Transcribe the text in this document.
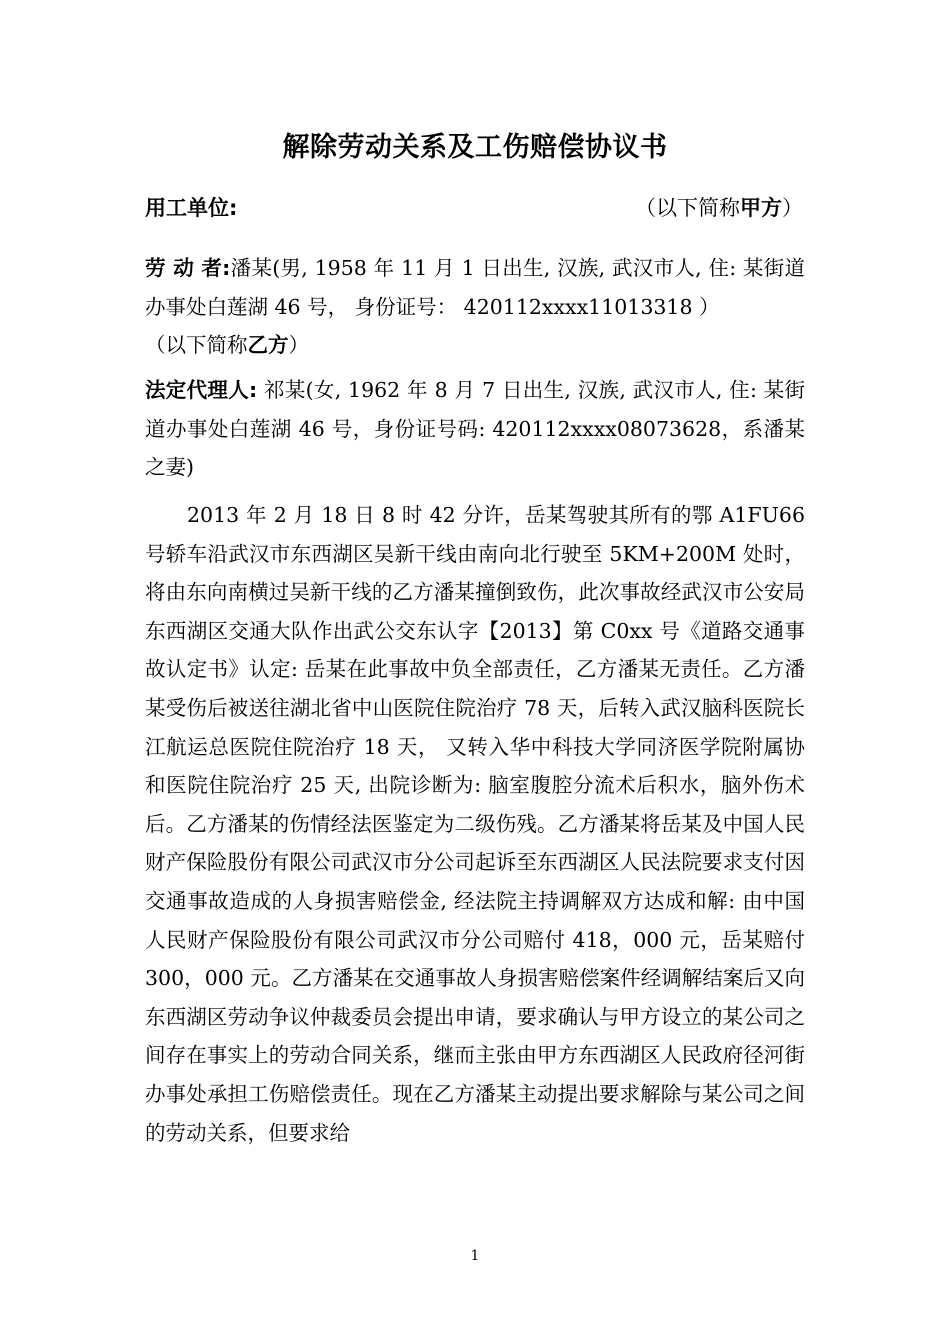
解除劳动关系及工伤赔偿协议书
用工单位:	（以下简称甲方）
劳 动 者:潘某(男, 1958 年 11 月 1 日出生, 汉族, 武汉市人, 住: 某街道办事处白莲湖 46 号， 身份证号： 420112xxxx11013318 ）
（以下简称乙方）
法定代理人: 祁某(女, 1962 年 8 月 7 日出生, 汉族, 武汉市人, 住: 某街道办事处白莲湖 46 号，身份证号码: 420112xxxx08073628，系潘某之妻)
2013 年 2 月 18 日 8 时 42 分许，岳某驾驶其所有的鄂 A1FU66 号轿车沿武汉市东西湖区吴新干线由南向北行驶至 5KM+200M 处时，将由东向南横过吴新干线的乙方潘某撞倒致伤，此次事故经武汉市公安局东西湖区交通大队作出武公交东认字【2013】第 C0xx 号《道路交通事故认定书》认定: 岳某在此事故中负全部责任，乙方潘某无责任。乙方潘某受伤后被送往湖北省中山医院住院治疗 78 天，后转入武汉脑科医院长江航运总医院住院治疗 18 天， 又转入华中科技大学同济医学院附属协和医院住院治疗 25 天, 出院诊断为: 脑室腹腔分流术后积水，脑外伤术后。乙方潘某的伤情经法医鉴定为二级伤残。乙方潘某将岳某及中国人民财产保险股份有限公司武汉市分公司起诉至东西湖区人民法院要求支付因交通事故造成的人身损害赔偿金, 经法院主持调解双方达成和解: 由中国人民财产保险股份有限公司武汉市分公司赔付 418，000 元，岳某赔付 300，000 元。乙方潘某在交通事故人身损害赔偿案件经调解结案后又向东西湖区劳动争议仲裁委员会提出申请，要求确认与甲方设立的某公司之间存在事实上的劳动合同关系，继而主张由甲方东西湖区人民政府径河街办事处承担工伤赔偿责任。现在乙方潘某主动提出要求解除与某公司之间的劳动关系，但要求给
1
